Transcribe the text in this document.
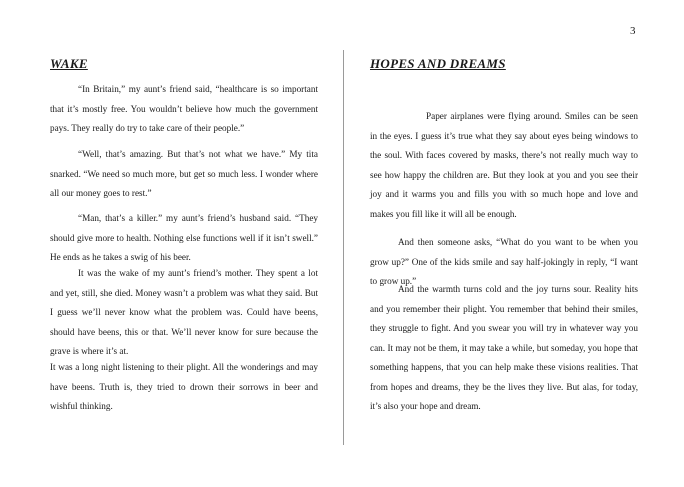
3
WAKE

“In Britain,” my aunt’s friend said, “healthcare is so important that it’s mostly free. You wouldn’t believe how much the government pays. They really do try to take care of their people.”

“Well, that’s amazing. But that’s not what we have.” My tita snarked. “We need so much more, but get so much less. I wonder where all our money goes to rest.”

“Man, that’s a killer.” my aunt’s friend’s husband said. “They should give more to health. Nothing else functions well if it isn’t swell.” He ends as he takes a swig of his beer.

It was the wake of my aunt’s friend’s mother. They spent a lot and yet, still, she died. Money wasn’t a problem was what they said. But I guess we’ll never know what the problem was. Could have beens, should have beens, this or that. We’ll never know for sure because the grave is where it’s at.

It was a long night listening to their plight. All the wonderings and may have beens. Truth is, they tried to drown their sorrows in beer and wishful thinking.

HOPES AND DREAMS

Paper airplanes were flying around. Smiles can be seen in the eyes. I guess it’s true what they say about eyes being windows to the soul. With faces covered by masks, there’s not really much way to see how happy the children are. But they look at you and you see their joy and it warms you and fills you with so much hope and love and makes you fill like it will all be enough.

And then someone asks, “What do you want to be when you grow up?” One of the kids smile and say half-jokingly in reply, “I want to grow up.”

And the warmth turns cold and the joy turns sour. Reality hits and you remember their plight. You remember that behind their smiles, they struggle to fight. And you swear you will try in whatever way you can. It may not be them, it may take a while, but someday, you hope that something happens, that you can help make these visions realities. That from hopes and dreams, they be the lives they live. But alas, for today, it’s also your hope and dream.
